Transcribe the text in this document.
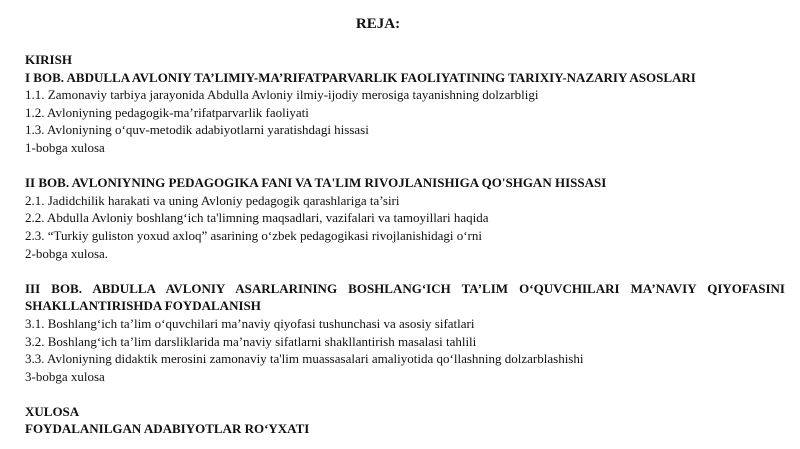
REJA:
KIRISH
I BOB. ABDULLA AVLONIY TA’LIMIY-MA’RIFATPARVARLIK FAOLIYATINING TARIXIY-NAZARIY ASOSLARI
1.1. Zamonaviy tarbiya jarayonida Abdulla Avloniy ilmiy-ijodiy merosiga tayanishning dolzarbligi
1.2. Avloniyning pedagogik-ma’rifatparvarlik faoliyati
1.3. Avloniyning o‘quv-metodik adabiyotlarni yaratishdagi hissasi
1-bobga xulosa
II BOB. AVLONIYNING PEDAGOGIKA FANI VA TA'LIM RIVOJLANISHIGA QO'SHGAN HISSASI
2.1. Jadidchilik harakati va uning Avloniy pedagogik qarashlariga ta’siri
2.2. Abdulla Avloniy boshlang‘ich ta'limning maqsadlari, vazifalari va tamoyillari haqida
2.3. “Turkiy guliston yoxud axloq” asarining o‘zbek pedagogikasi rivojlanishidagi o‘rni
2-bobga xulosa.
III BOB. ABDULLA AVLONIY ASARLARINING BOSHLANG‘ICH TA’LIM O‘QUVCHILARI MA’NAVIY QIYOFASINI
SHAKLLANTIRISHDA FOYDALANISH
3.1. Boshlang‘ich ta’lim o‘quvchilari ma’naviy qiyofasi tushunchasi va asosiy sifatlari
3.2. Boshlang‘ich ta’lim darsliklarida ma’naviy sifatlarni shakllantirish masalasi tahlili
3.3. Avloniyning didaktik merosini zamonaviy ta'lim muassasalari amaliyotida qo‘llashning dolzarblashishi
3-bobga xulosa
XULOSA
FOYDALANILGAN ADABIYOTLAR RO‘YXATI
